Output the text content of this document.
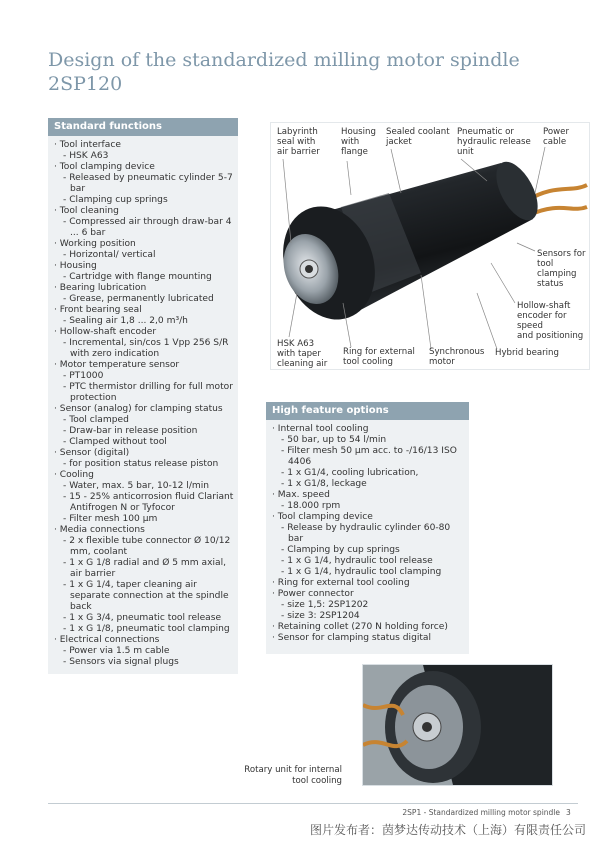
Design of the standardized milling motor spindle
2SP120
Standard functions
· Tool interface
- HSK A63
· Tool clamping device
- Released by pneumatic cylinder 5-7 bar
- Clamping cup springs
· Tool cleaning
- Compressed air through draw-bar 4 ... 6 bar
· Working position
- Horizontal/ vertical
· Housing
- Cartridge with flange mounting
· Bearing lubrication
- Grease, permanently lubricated
· Front bearing seal
- Sealing air 1,8 ... 2,0 m³/h
· Hollow-shaft encoder
- Incremental, sin/cos 1 Vpp 256 S/R with zero indication
· Motor temperature sensor
- PT1000
- PTC thermistor drilling for full motor protection
· Sensor (analog) for clamping status
- Tool clamped
- Draw-bar in release position
- Clamped without tool
· Sensor (digital)
- for position status release piston
· Cooling
- Water, max. 5 bar, 10-12 l/min
- 15 - 25% anticorrosion fluid Clariant Antifrogen N or Tyfocor
- Filter mesh 100 µm
· Media connections
- 2 x flexible tube connector Ø 10/12 mm, coolant
- 1 x G 1/8 radial and Ø 5 mm axial, air barrier
- 1 x G 1/4, taper cleaning air separate connection at the spindle back
- 1 x G 3/4, pneumatic tool release
- 1 x G 1/8, pneumatic tool clamping
· Electrical connections
- Power via 1.5 m cable
- Sensors via signal plugs
Labyrinth
seal with
air barrier
Housing
with
flange
Sealed coolant
jacket
Pneumatic or
hydraulic release
unit
Power
cable
Sensors for
tool clamping
status
Hollow-shaft
encoder for speed
and positioning
HSK A63
with taper
cleaning air
Ring for external
tool cooling
Synchronous
motor
Hybrid bearing
High feature options
· Internal tool cooling
- 50 bar, up to 54 l/min
- Filter mesh 50 µm acc. to -/16/13 ISO 4406
- 1 x G1/4, cooling lubrication,
- 1 x G1/8, leckage
· Max. speed
- 18.000 rpm
· Tool clamping device
- Release by hydraulic cylinder 60-80 bar
- Clamping by cup springs
- 1 x G 1/4, hydraulic tool release
- 1 x G 1/4, hydraulic tool clamping
· Ring for external tool cooling
· Power connector
- size 1,5: 2SP1202
- size 3: 2SP1204
· Retaining collet (270 N holding force)
· Sensor for clamping status digital
Rotary unit for internal tool cooling
2SP1 - Standardized milling motor spindle 3
图片发布者：茵梦达传动技术（上海）有限责任公司
